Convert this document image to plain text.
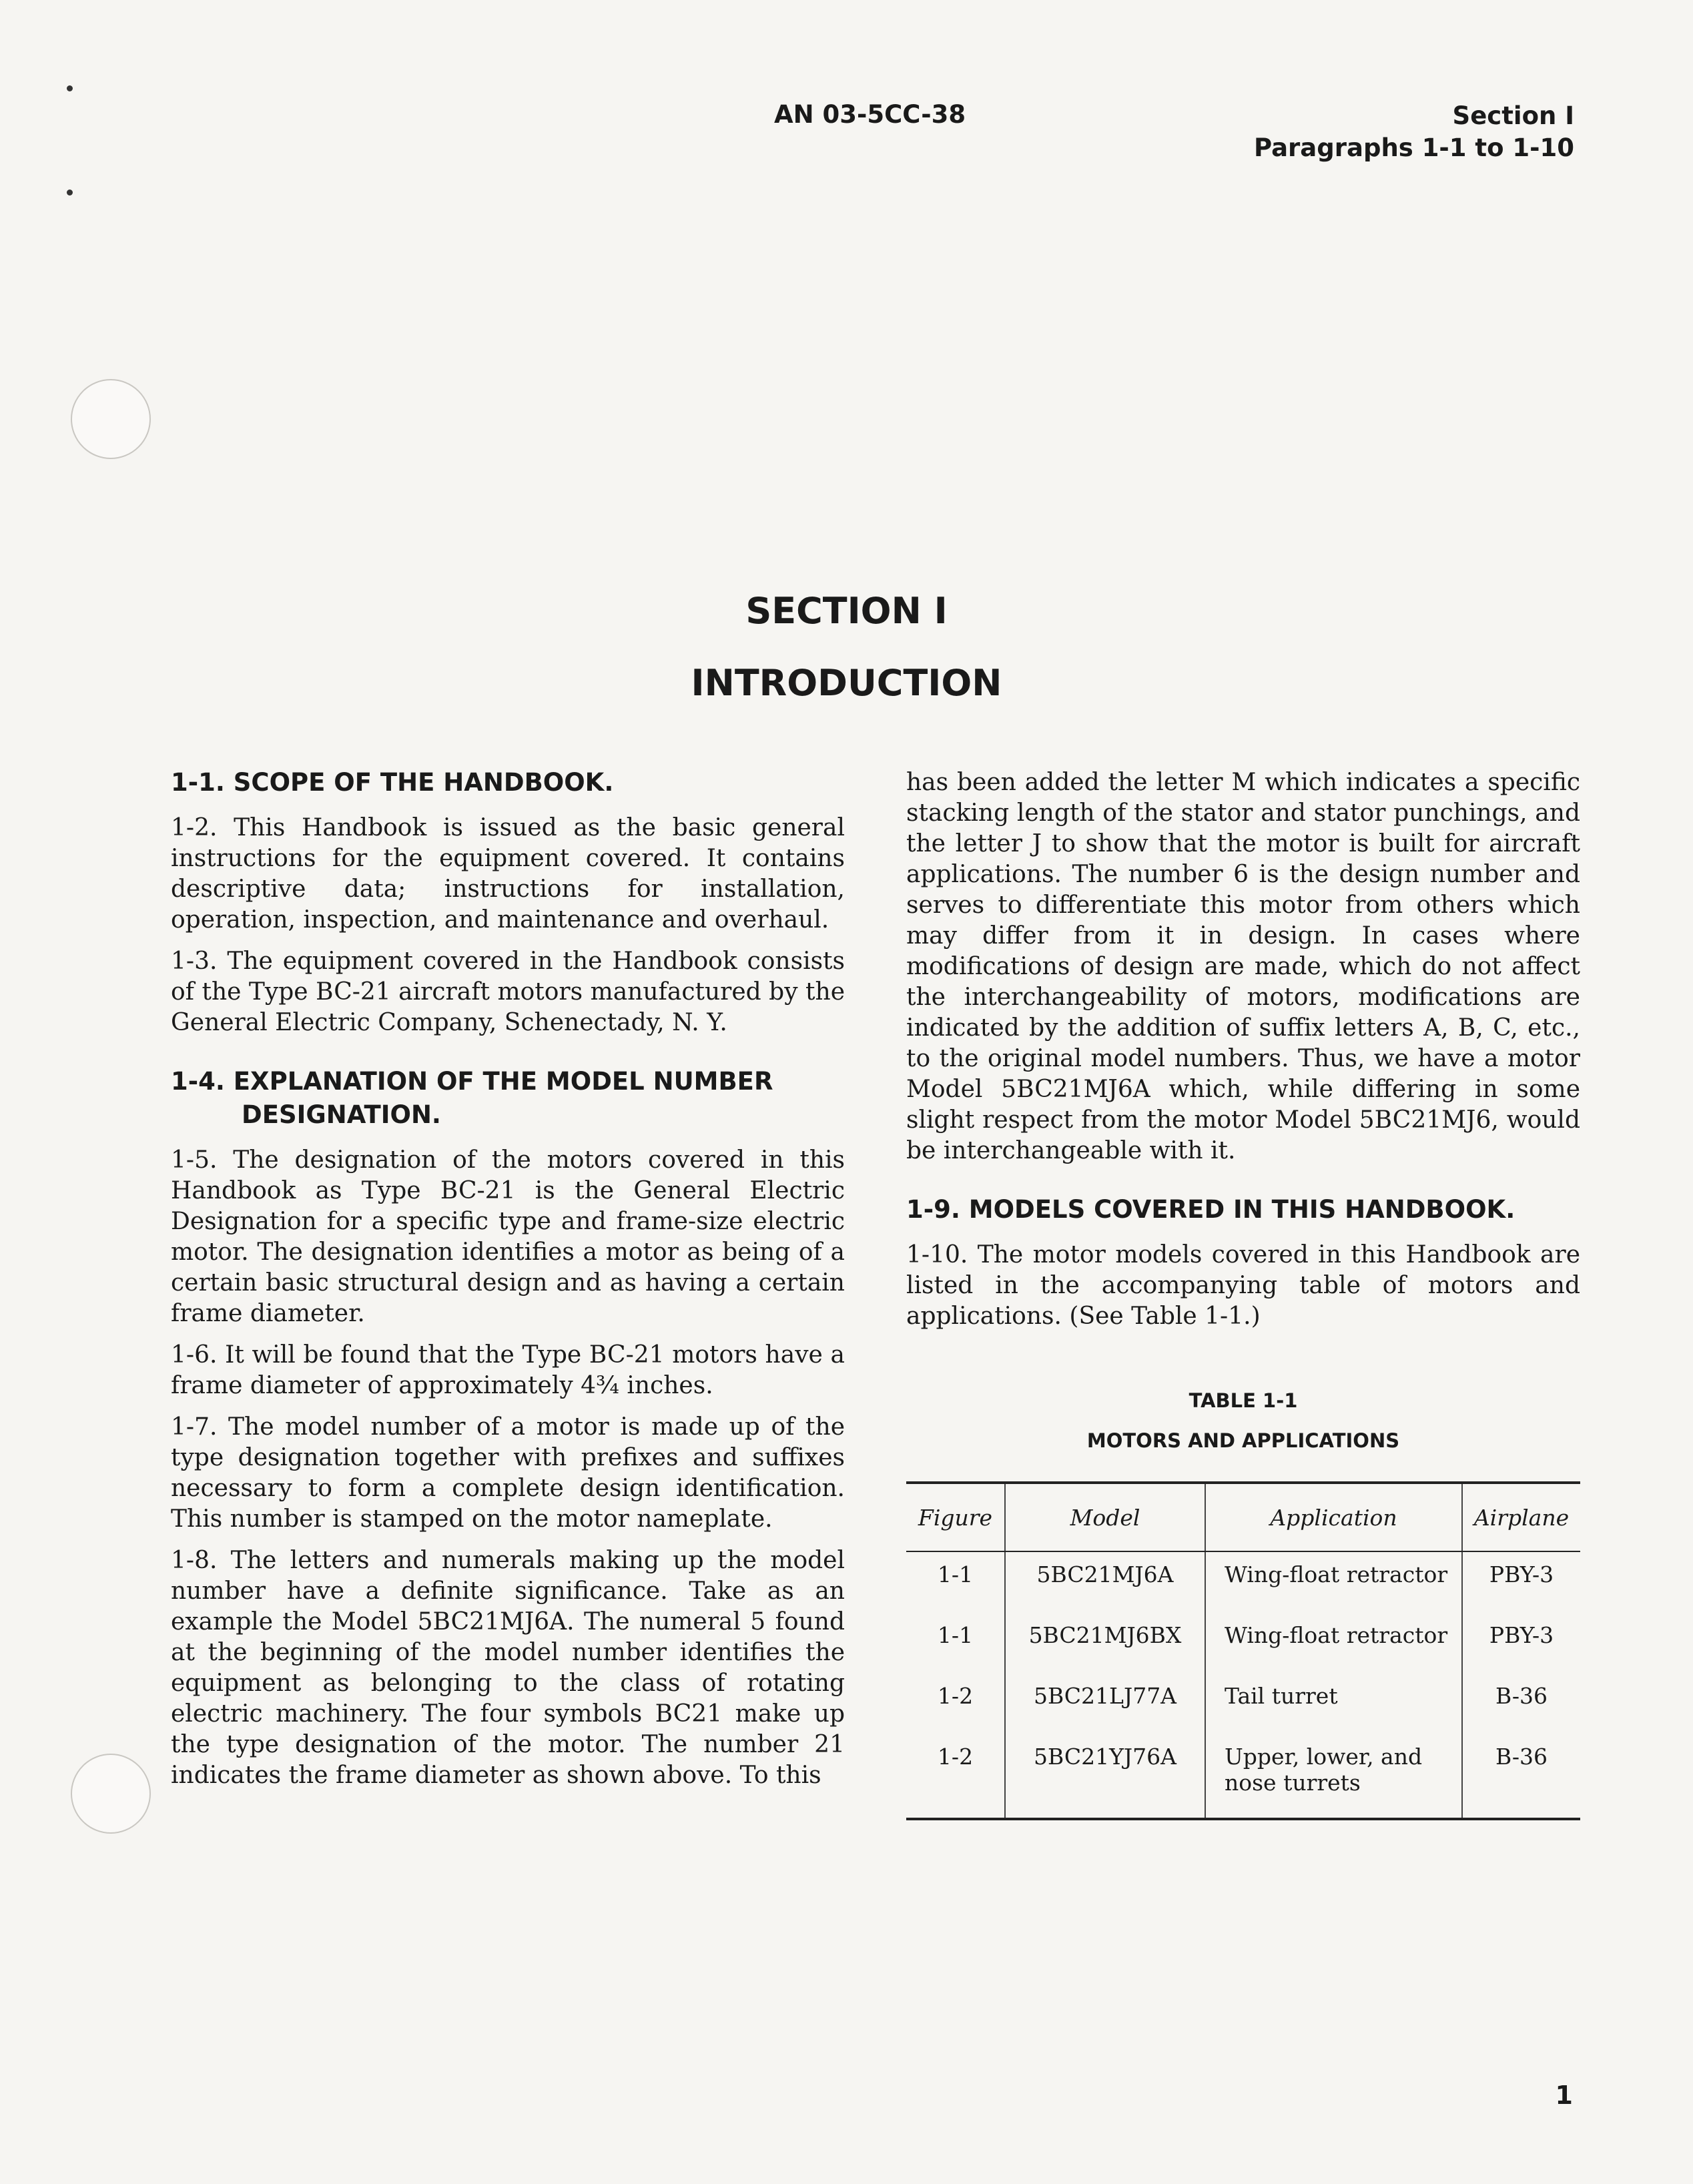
AN 03-5CC-38	Section I
Paragraphs 1-1 to 1-10
SECTION I
INTRODUCTION
1-1. SCOPE OF THE HANDBOOK.

1-2. This Handbook is issued as the basic general instructions for the equipment covered. It contains descriptive data; instructions for installation, operation, inspection, and maintenance and overhaul.

1-3. The equipment covered in the Handbook consists of the Type BC-21 aircraft motors manufactured by the General Electric Company, Schenectady, N. Y.

1-4. EXPLANATION OF THE MODEL NUMBER
DESIGNATION.

1-5. The designation of the motors covered in this Handbook as Type BC-21 is the General Electric Designation for a specific type and frame-size electric motor. The designation identifies a motor as being of a certain basic structural design and as having a certain frame diameter.

1-6. It will be found that the Type BC-21 motors have a frame diameter of approximately 4¾ inches.

1-7. The model number of a motor is made up of the type designation together with prefixes and suffixes necessary to form a complete design identification. This number is stamped on the motor nameplate.

1-8. The letters and numerals making up the model number have a definite significance. Take as an example the Model 5BC21MJ6A. The numeral 5 found at the beginning of the model number identifies the equipment as belonging to the class of rotating electric machinery. The four symbols BC21 make up the type designation of the motor. The number 21 indicates the frame diameter as shown above. To this

has been added the letter M which indicates a specific stacking length of the stator and stator punchings, and the letter J to show that the motor is built for aircraft applications. The number 6 is the design number and serves to differentiate this motor from others which may differ from it in design. In cases where modifications of design are made, which do not affect the interchangeability of motors, modifications are indicated by the addition of suffix letters A, B, C, etc., to the original model numbers. Thus, we have a motor Model 5BC21MJ6A which, while differing in some slight respect from the motor Model 5BC21MJ6, would be interchangeable with it.

1-9. MODELS COVERED IN THIS HANDBOOK.

1-10. The motor models covered in this Handbook are listed in the accompanying table of motors and applications. (See Table 1-1.)

TABLE 1-1
MOTORS AND APPLICATIONS
Figure	Model	Application	Airplane
1-1	5BC21MJ6A	Wing-float retractor	PBY-3
1-1	5BC21MJ6BX	Wing-float retractor	PBY-3
1-2	5BC21LJ77A	Tail turret	B-36
1-2	5BC21YJ76A	Upper, lower, and nose turrets	B-36
1
